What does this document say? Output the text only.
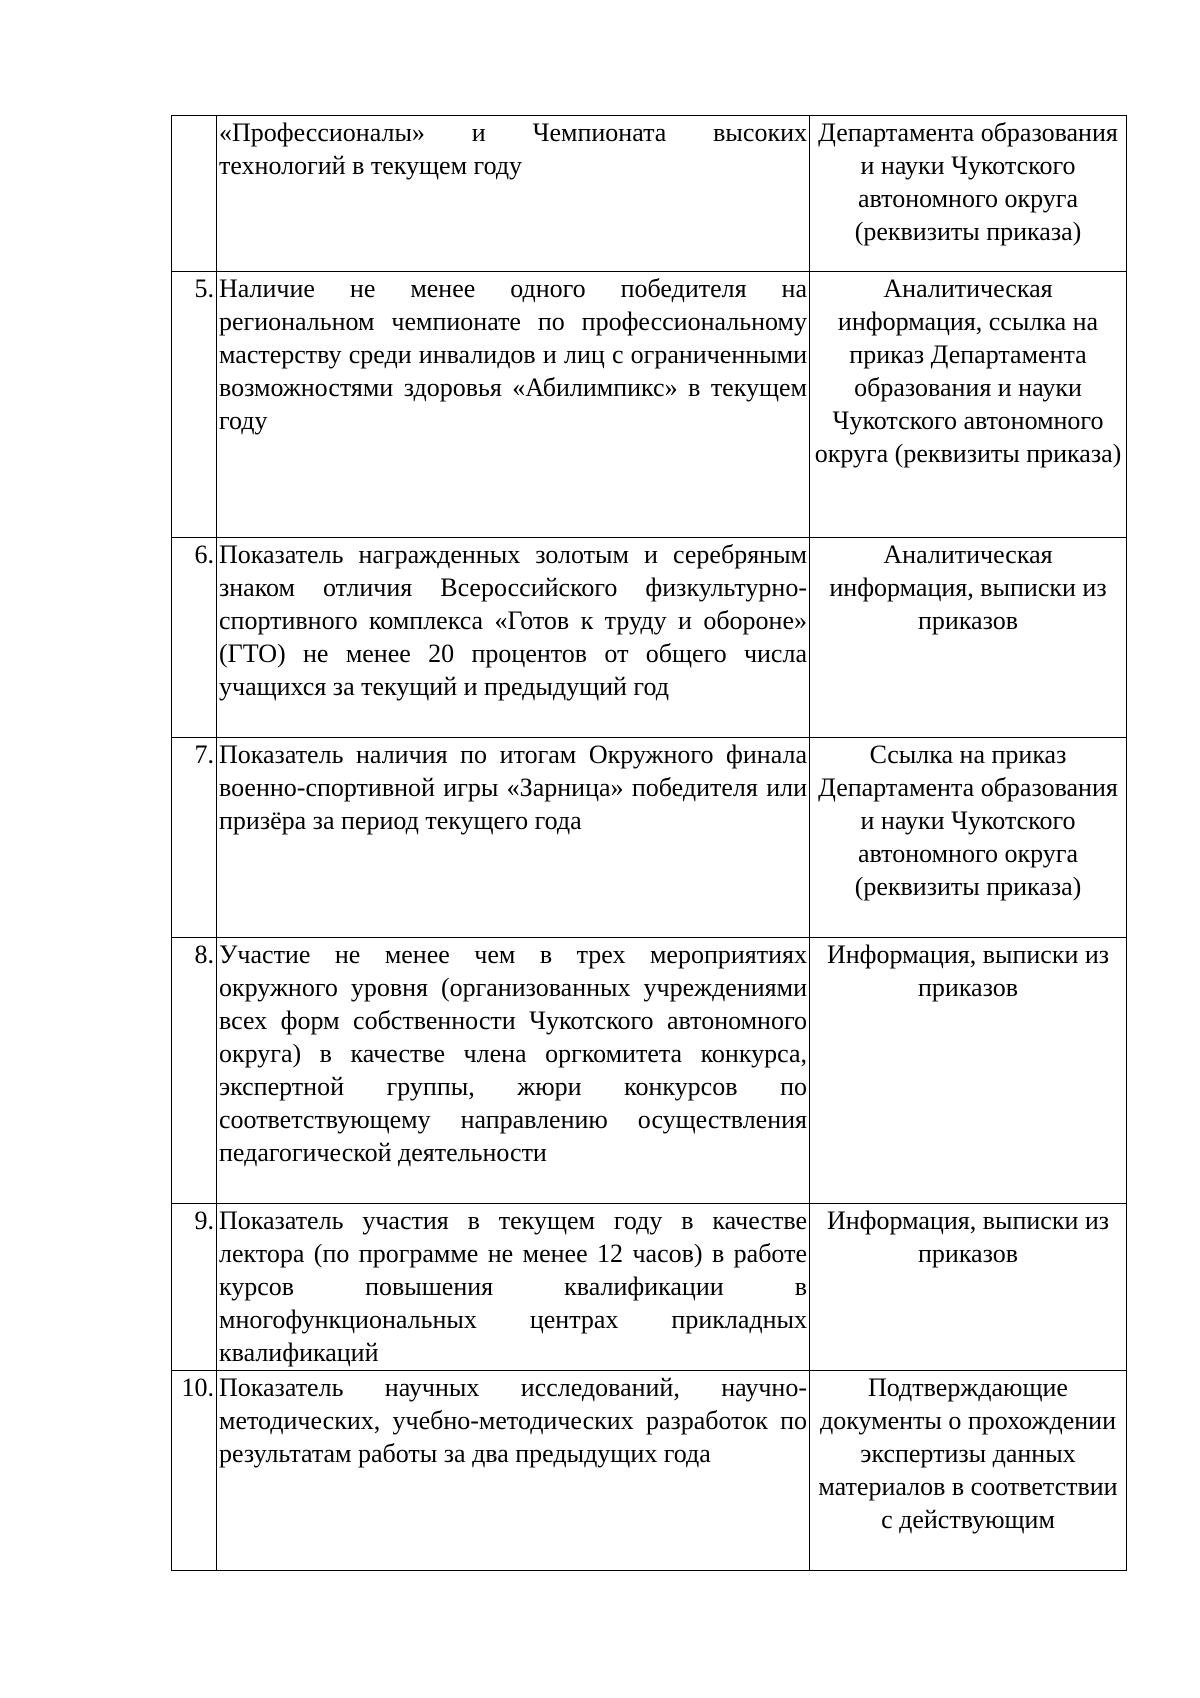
	«Профессионалы» и Чемпионата высоких технологий в текущем году	Департамента образования и науки Чукотского автономного округа (реквизиты приказа)
5.	Наличие не менее одного победителя на региональном чемпионате по профессиональному мастерству среди инвалидов и лиц с ограниченными возможностями здоровья «Абилимпикс» в текущем году	Аналитическая информация, ссылка на приказ Департамента образования и науки Чукотского автономного округа (реквизиты приказа)
6.	Показатель награжденных золотым и серебряным знаком отличия Всероссийского физкультурно-спортивного комплекса «Готов к труду и обороне» (ГТО) не менее 20 процентов от общего числа учащихся за текущий и предыдущий год	Аналитическая информация, выписки из приказов
7.	Показатель наличия по итогам Окружного финала военно-спортивной игры «Зарница» победителя или призёра за период текущего года	Ссылка на приказ Департамента образования и науки Чукотского автономного округа (реквизиты приказа)
8.	Участие не менее чем в трех мероприятиях окружного уровня (организованных учреждениями всех форм собственности Чукотского автономного округа) в качестве члена оргкомитета конкурса, экспертной группы, жюри конкурсов по соответствующему направлению осуществления педагогической деятельности	Информация, выписки из приказов
9.	Показатель участия в текущем году в качестве лектора (по программе не менее 12 часов) в работе курсов повышения квалификации в многофункциональных центрах прикладных квалификаций	Информация, выписки из приказов
10.	Показатель научных исследований, научно-методических, учебно-методических разработок по результатам работы за два предыдущих года	Подтверждающие документы о прохождении экспертизы данных материалов в соответствии с действующим
